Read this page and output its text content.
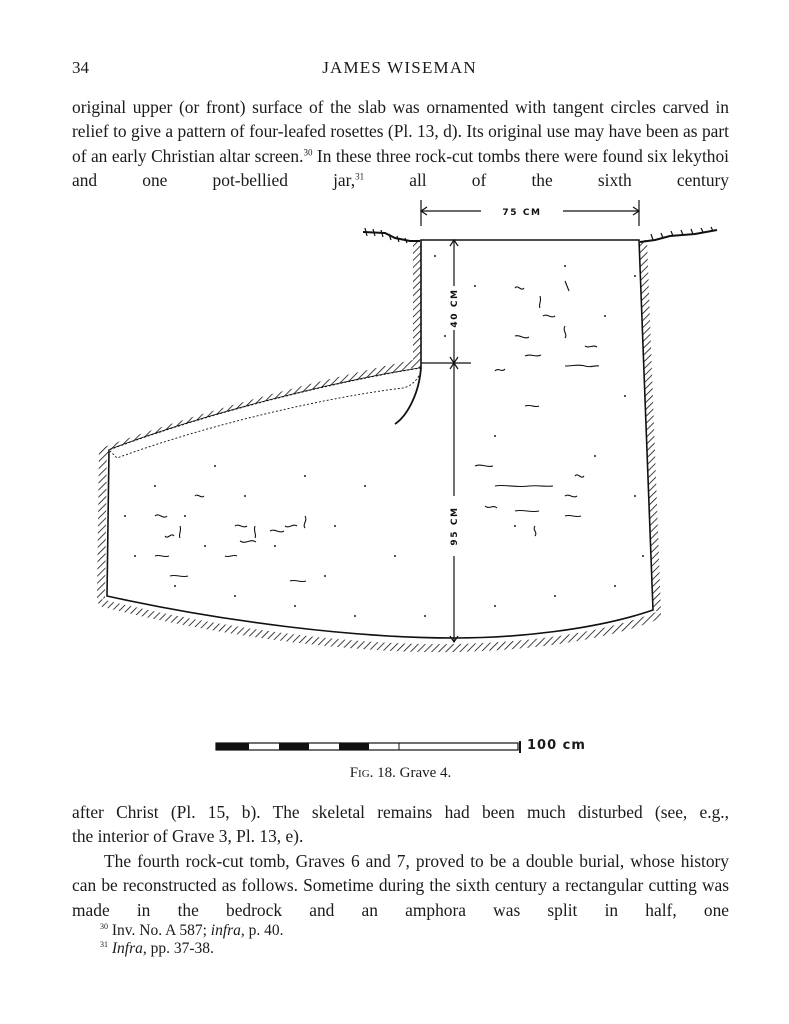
34	JAMES WISEMAN

original upper (or front) surface of the slab was ornamented with tangent circles carved in relief to give a pattern of four-leafed rosettes (Pl. 13, d). Its original use may have been as part of an early Christian altar screen.$^{30}$ In these three rock-cut tombs there were found six lekythoi and one pot-bellied jar,$^{31}$ all of the sixth century

75 CM
40 CM
95 CM
100 cm
Fig. 18. Grave 4.

after Christ (Pl. 15, b). The skeletal remains had been much disturbed (see, e.g.,

the interior of Grave 3, Pl. 13, e).

The fourth rock-cut tomb, Graves 6 and 7, proved to be a double burial, whose history can be reconstructed as follows. Sometime during the sixth century a rectangular cutting was made in the bedrock and an amphora was split in half, one

$^{30}$ Inv. No. A 587; infra, p. 40.
$^{31}$ Infra, pp. 37-38.
